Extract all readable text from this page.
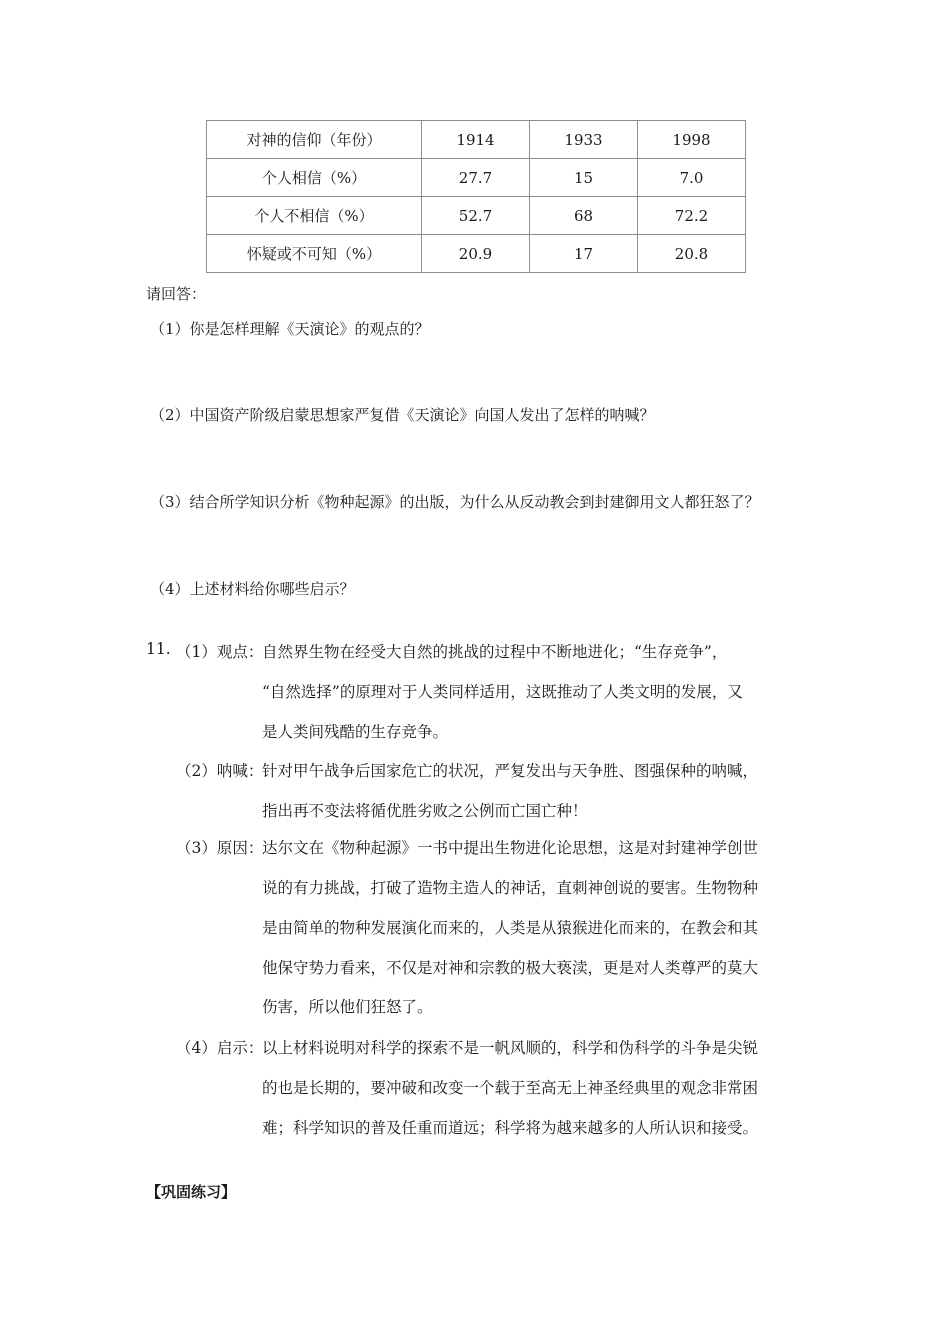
对神的信仰（年份）	1914	1933	1998
个人相信（%）	27.7	15	7.0
个人不相信（%）	52.7	68	72.2
怀疑或不可知（%）	20.9	17	20.8
请回答：
（1）你是怎样理解《天演论》的观点的？
（2）中国资产阶级启蒙思想家严复借《天演论》向国人发出了怎样的呐喊？
（3）结合所学知识分析《物种起源》的出版，为什么从反动教会到封建御用文人都狂怒了？
（4）上述材料给你哪些启示？
11. （1）观点：
自然界生物在经受大自然的挑战的过程中不断地进化；“生存竞争”，
“自然选择”的原理对于人类同样适用，这既推动了人类文明的发展，又
是人类间残酷的生存竞争。
（2）呐喊：
针对甲午战争后国家危亡的状况，严复发出与天争胜、图强保种的呐喊，
指出再不变法将循优胜劣败之公例而亡国亡种！
（3）原因：
达尔文在《物种起源》一书中提出生物进化论思想，这是对封建神学创世
说的有力挑战，打破了造物主造人的神话，直刺神创说的要害。生物物种
是由简单的物种发展演化而来的，人类是从猿猴进化而来的，在教会和其
他保守势力看来，不仅是对神和宗教的极大亵渎，更是对人类尊严的莫大
伤害，所以他们狂怒了。
（4）启示：
以上材料说明对科学的探索不是一帆风顺的，科学和伪科学的斗争是尖锐
的也是长期的，要冲破和改变一个载于至高无上神圣经典里的观念非常困
难；科学知识的普及任重而道远；科学将为越来越多的人所认识和接受。
【巩固练习】
